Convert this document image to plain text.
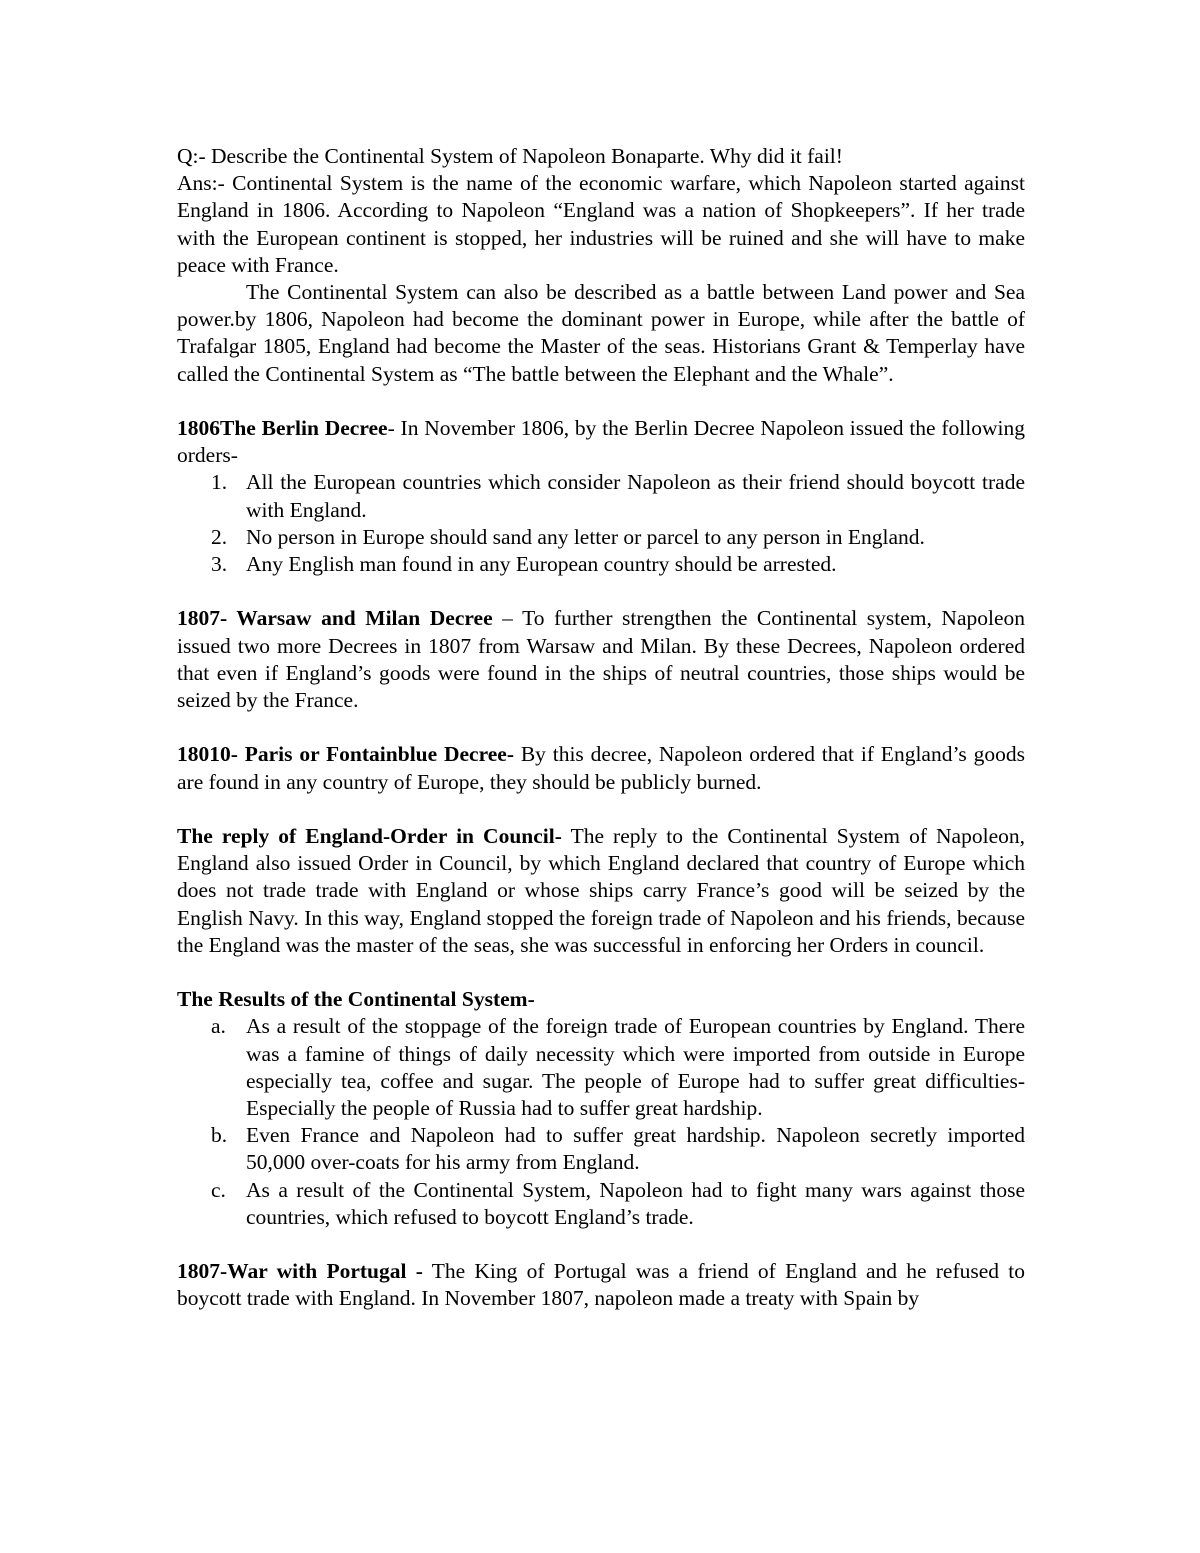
Q:- Describe the Continental System of Napoleon Bonaparte. Why did it fail!

Ans:- Continental System is the name of the economic warfare, which Napoleon started against England in 1806. According to Napoleon “England was a nation of Shopkeepers”. If her trade with the European continent is stopped, her industries will be ruined and she will have to make peace with France.

The Continental System can also be described as a battle between Land power and Sea power.by 1806, Napoleon had become the dominant power in Europe, while after the battle of Trafalgar 1805, England had become the Master of the seas. Historians Grant & Temperlay have called the Continental System as “The battle between the Elephant and the Whale”.

1806The Berlin Decree- In November 1806, by the Berlin Decree Napoleon issued the following orders-

1. All the European countries which consider Napoleon as their friend should boycott trade with England.
2. No person in Europe should sand any letter or parcel to any person in England.
3. Any English man found in any European country should be arrested.

1807- Warsaw and Milan Decree – To further strengthen the Continental system, Napoleon issued two more Decrees in 1807 from Warsaw and Milan. By these Decrees, Napoleon ordered that even if England’s goods were found in the ships of neutral countries, those ships would be seized by the France.

18010- Paris or Fontainblue Decree- By this decree, Napoleon ordered that if England’s goods are found in any country of Europe, they should be publicly burned.

The reply of England-Order in Council- The reply to the Continental System of Napoleon, England also issued Order in Council, by which England declared that country of Europe which does not trade trade with England or whose ships carry France’s good will be seized by the English Navy. In this way, England stopped the foreign trade of Napoleon and his friends, because the England was the master of the seas, she was successful in enforcing her Orders in council.

The Results of the Continental System-

a. As a result of the stoppage of the foreign trade of European countries by England. There was a famine of things of daily necessity which were imported from outside in Europe especially tea, coffee and sugar. The people of Europe had to suffer great difficulties-Especially the people of Russia had to suffer great hardship.
b. Even France and Napoleon had to suffer great hardship. Napoleon secretly imported 50,000 over-coats for his army from England.
c. As a result of the Continental System, Napoleon had to fight many wars against those countries, which refused to boycott England’s trade.

1807-War with Portugal - The King of Portugal was a friend of England and he refused to boycott trade with England. In November 1807, napoleon made a treaty with Spain by
